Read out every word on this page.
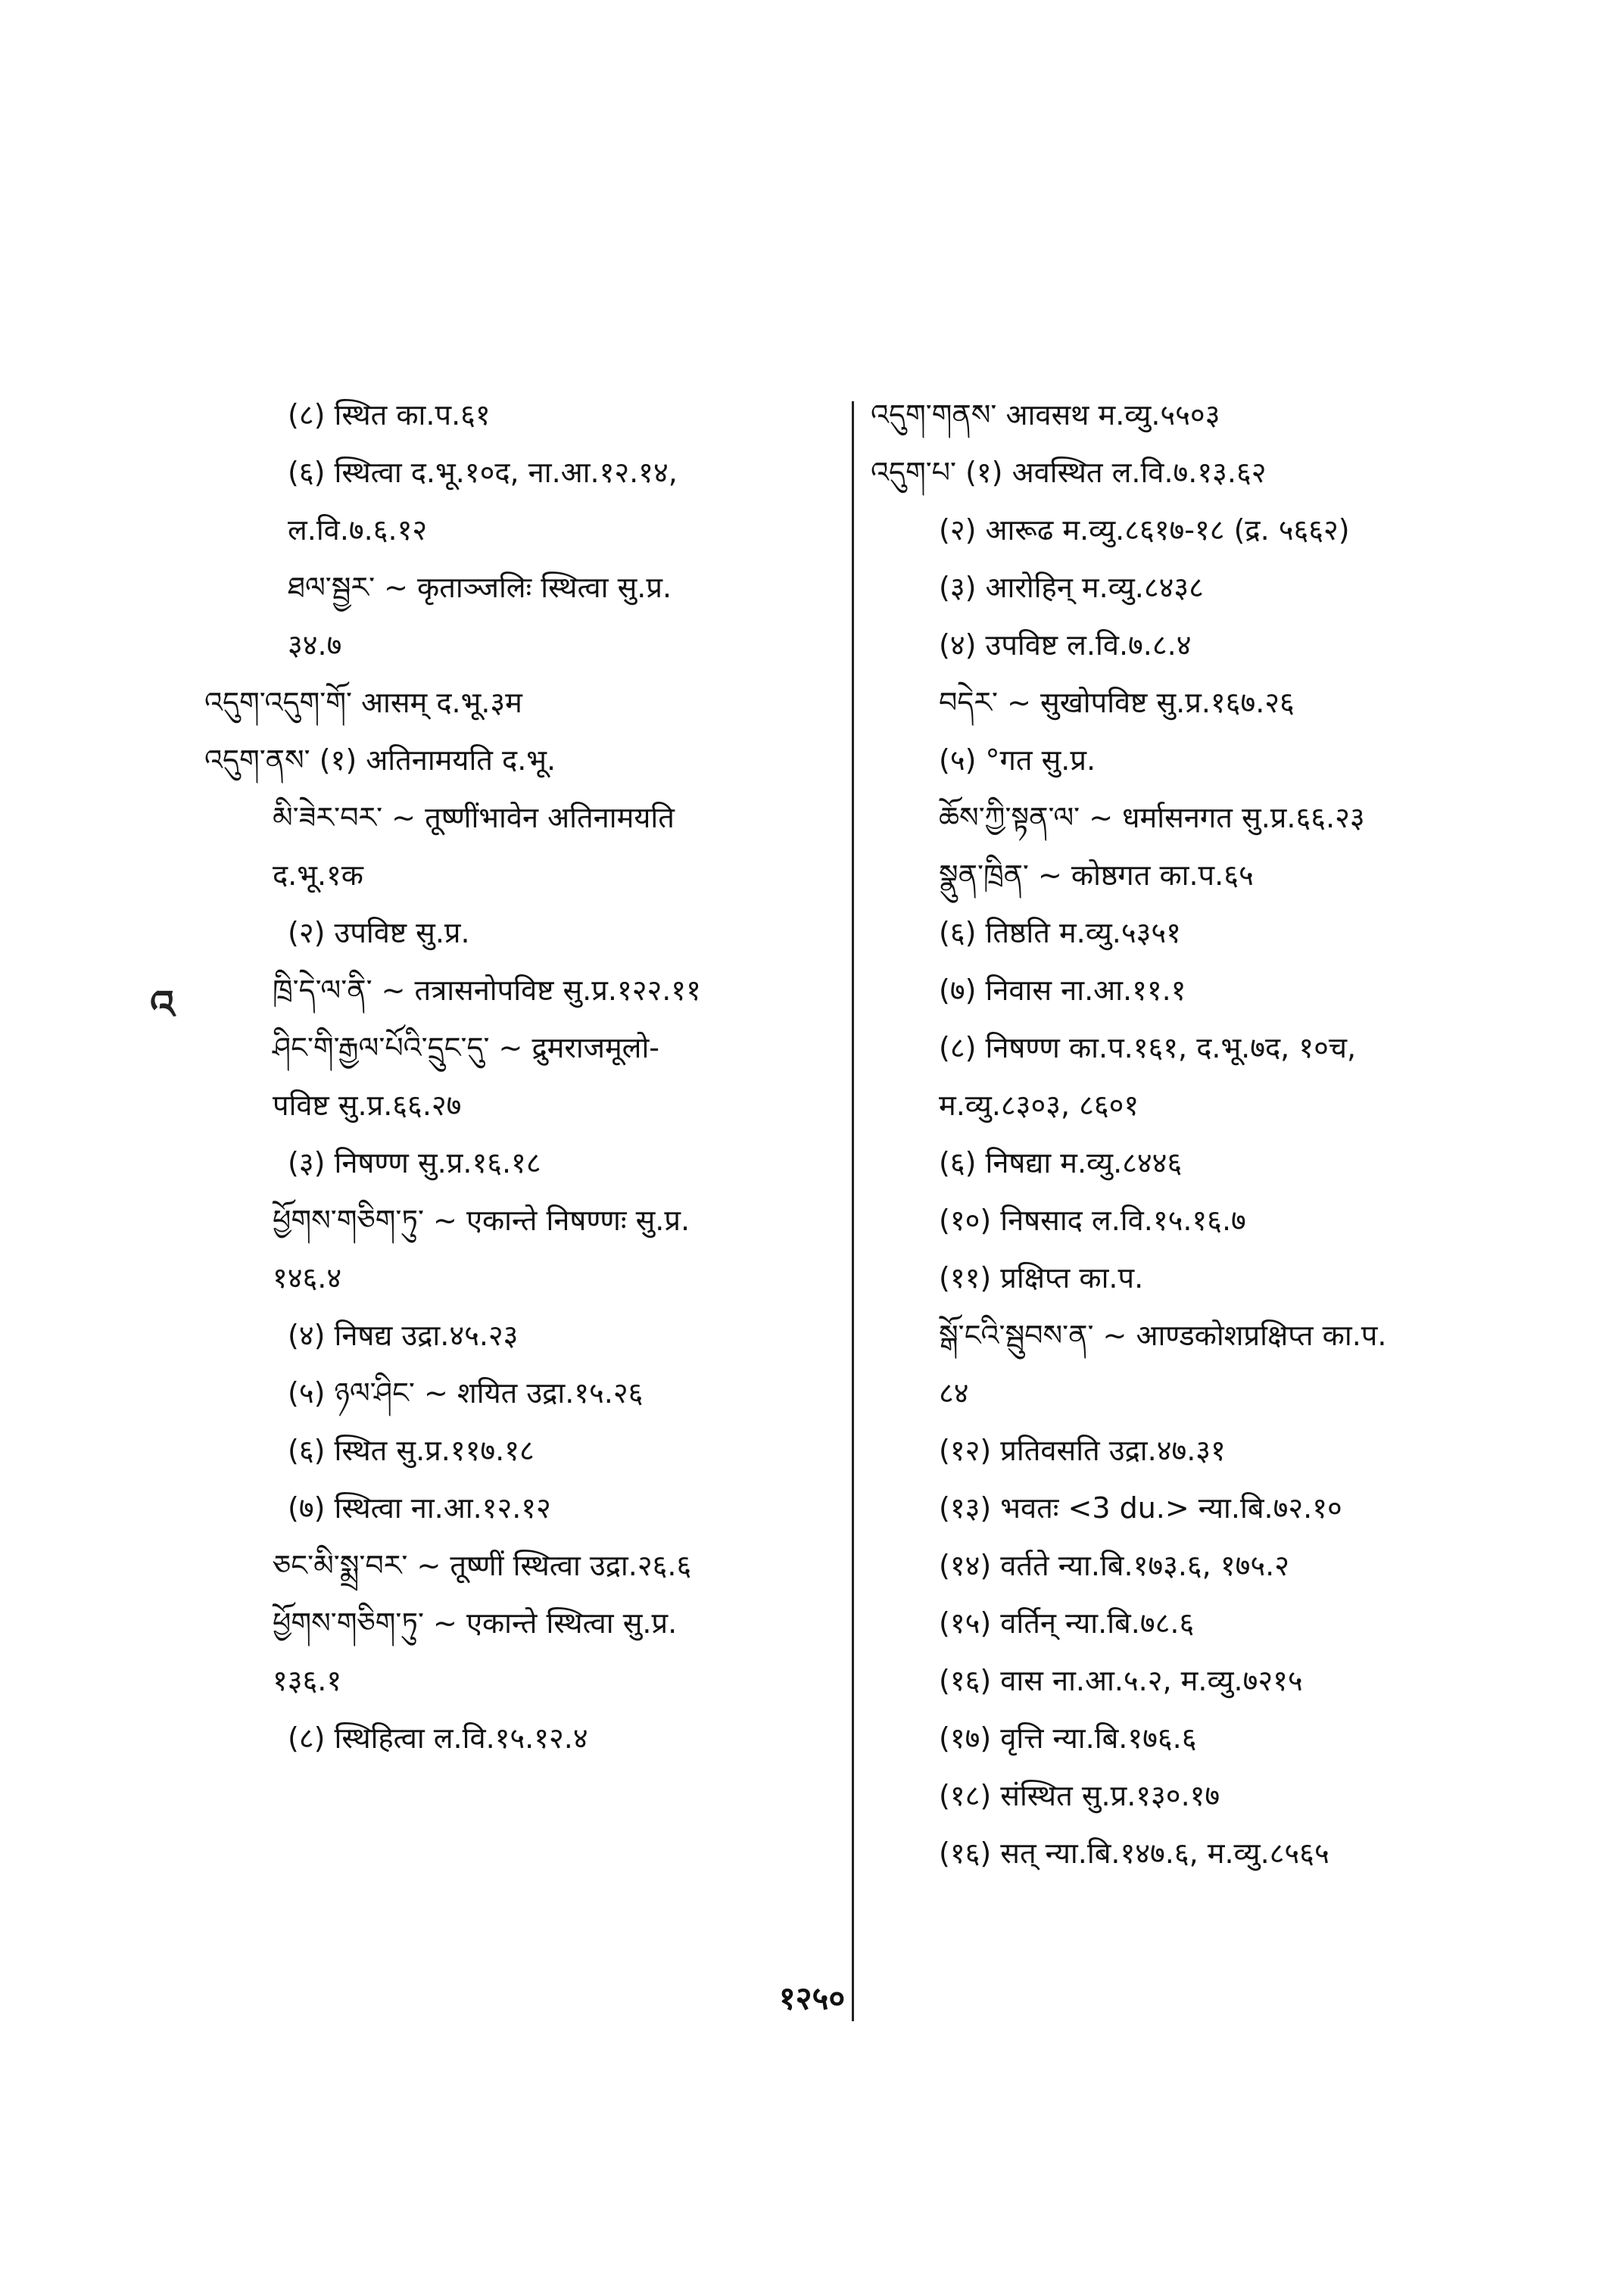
(८) स्थित का.प.६१
(६) स्थित्वा द.भू.१०द, ना.आ.१२.१४,
ल.वि.७.६.१२
ཐལ་སྦྱར་ ~ कृताञ्जलिः स्थित्वा सु.प्र.
३४.७
འདུག་འདུག་གོ་ आसम् द.भू.३म
འདུག་ནས་ (१) अतिनामयति द.भू.
མི་ཟེར་བར་ ~ तूष्णींभावेन अतिनामयति
द.भू.१क
(२) उपविष्ट सु.प्र.
ཁྲི་དེ་ལ་ནི་ ~ तत्रासनोपविष्ट सु.प्र.१२२.११
ཤིང་གི་རྒྱལ་པོའི་དྲུང་དུ་ ~ द्रुमराजमूलो-
पविष्ट सु.प्र.६६.२७
(३) निषण्ण सु.प्र.१६.१८
ཕྱོགས་གཅིག་ཏུ་ ~ एकान्ते निषण्णः सु.प्र.
१४६.४
(४) निषद्य उद्रा.४५.२३
(५) ཉལ་ཤིང་ ~ शयित उद्रा.१५.२६
(६) स्थित सु.प्र.११७.१८
(७) स्थित्वा ना.आ.१२.१२
ཅང་མི་སྨྲ་བར་ ~ तूष्णीं स्थित्वा उद्रा.२६.६
ཕྱོགས་གཅིག་ཏུ་ ~ एकान्ते स्थित्वा सु.प्र.
१३६.१
(८) स्थिहित्वा ल.वि.१५.१२.४
འདུག་གནས་ आवसथ म.व्यु.५५०३
འདུག་པ་ (१) अवस्थित ल.वि.७.१३.६२
(२) आरूढ म.व्यु.८६१७-१८ (द्र. ५६६२)
(३) आरोहिन् म.व्यु.८४३८
(४) उपविष्ट ल.वि.७.८.४
བདེར་ ~ सुखोपविष्ट सु.प्र.१६७.२६
(५) °गत सु.प्र.
ཆོས་ཀྱི་སྟན་ལ་ ~ धर्मासनगत सु.प्र.६६.२३
སྣུན་ཁྲིན་ ~ कोष्ठगत का.प.६५
(६) तिष्ठति म.व्यु.५३५१
(७) निवास ना.आ.११.१
(८) निषण्ण का.प.१६१, द.भू.७द, १०च,
म.व्यु.८३०३, ८६०१
(६) निषद्या म.व्यु.८४४६
(१०) निषसाद ल.वि.१५.१६.७
(११) प्रक्षिप्त का.प.
སྒོ་ངའི་སྦུབས་ན་ ~ आण्डकोशप्रक्षिप्त का.प.
८४
(१२) प्रतिवसति उद्रा.४७.३१
(१३) भवतः <3 du.> न्या.बि.७२.१०
(१४) वर्तते न्या.बि.१७३.६, १७५.२
(१५) वर्तिन् न्या.बि.७८.६
(१६) वास ना.आ.५.२, म.व्यु.७२१५
(१७) वृत्ति न्या.बि.१७६.६
(१८) संस्थित सु.प्र.१३०.१७
(१६) सत् न्या.बि.१४७.६, म.व्यु.८५६५
འ
१२५०
